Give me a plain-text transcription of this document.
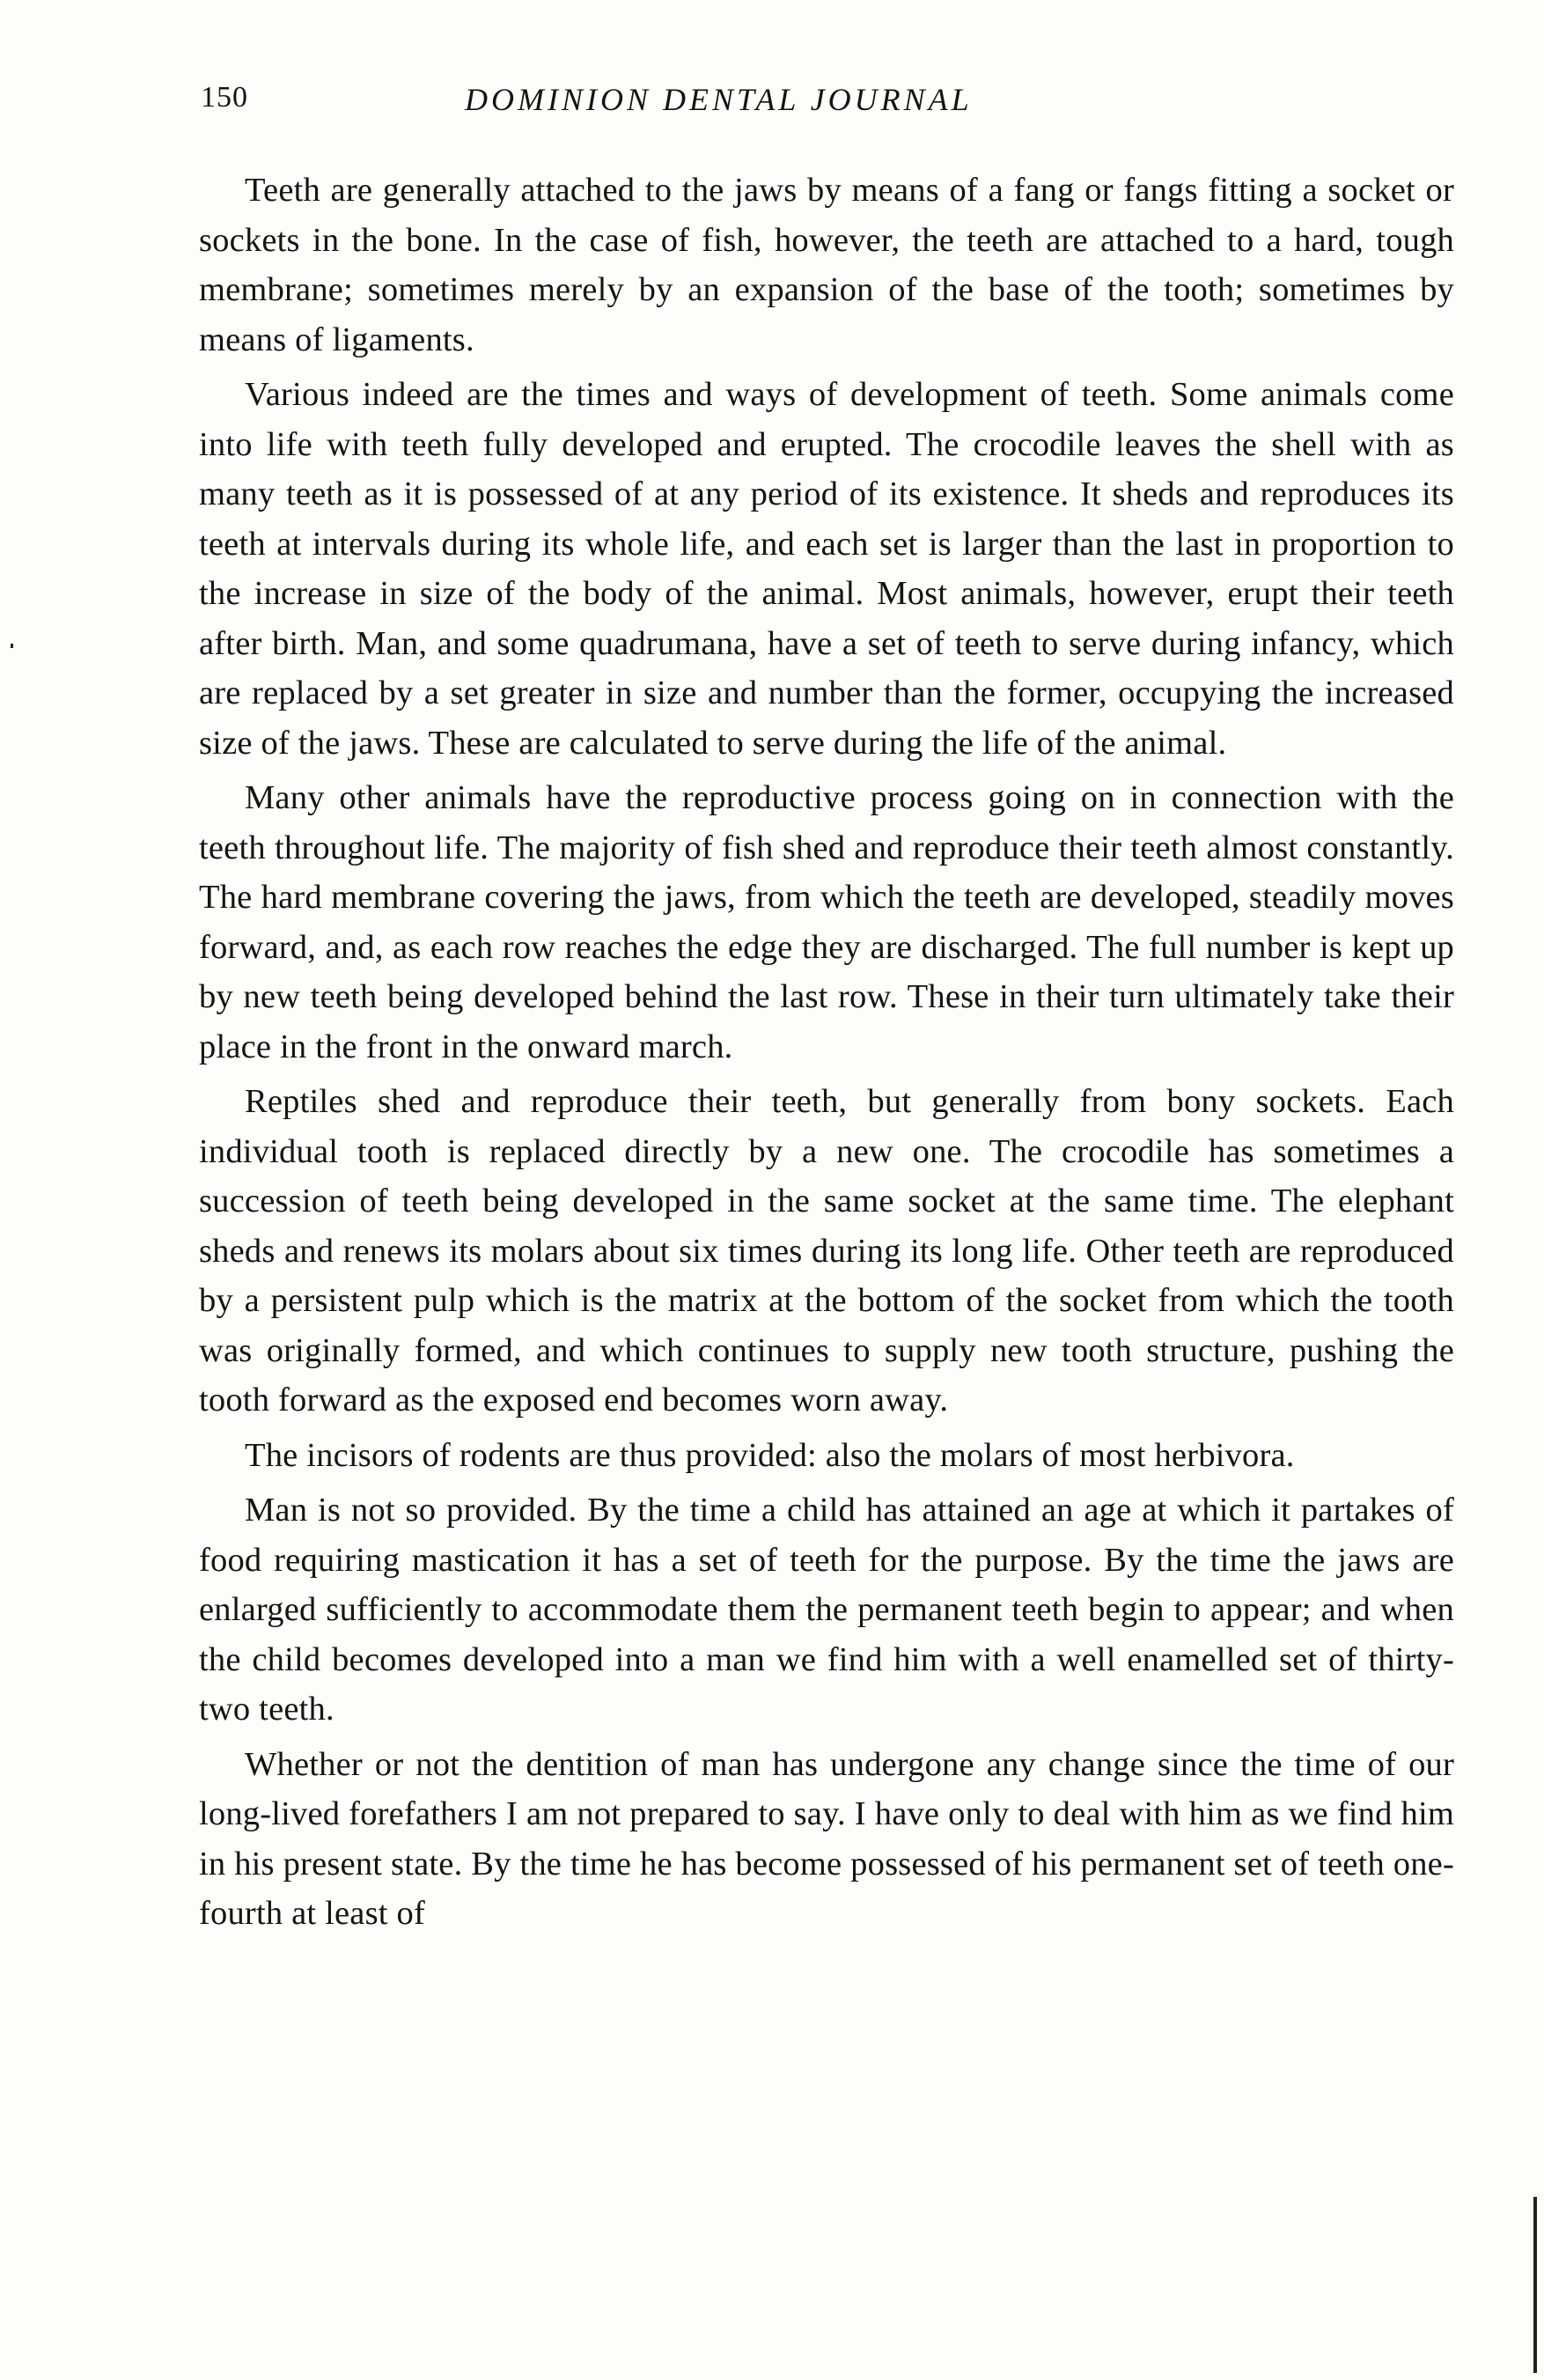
150	DOMINION DENTAL JOURNAL

Teeth are generally attached to the jaws by means of a fang or fangs fitting a socket or sockets in the bone. In the case of fish, however, the teeth are attached to a hard, tough membrane; sometimes merely by an expansion of the base of the tooth; sometimes by means of ligaments.

Various indeed are the times and ways of development of teeth. Some animals come into life with teeth fully developed and erupted. The crocodile leaves the shell with as many teeth as it is possessed of at any period of its existence. It sheds and reproduces its teeth at intervals during its whole life, and each set is larger than the last in proportion to the increase in size of the body of the animal. Most animals, however, erupt their teeth after birth. Man, and some quadrumana, have a set of teeth to serve during infancy, which are replaced by a set greater in size and number than the former, occupying the increased size of the jaws. These are calculated to serve during the life of the animal.

Many other animals have the reproductive process going on in connection with the teeth throughout life. The majority of fish shed and reproduce their teeth almost constantly. The hard membrane covering the jaws, from which the teeth are developed, steadily moves forward, and, as each row reaches the edge they are discharged. The full number is kept up by new teeth being developed behind the last row. These in their turn ultimately take their place in the front in the onward march.

Reptiles shed and reproduce their teeth, but generally from bony sockets. Each individual tooth is replaced directly by a new one. The crocodile has sometimes a succession of teeth being developed in the same socket at the same time. The elephant sheds and renews its molars about six times during its long life. Other teeth are reproduced by a persistent pulp which is the matrix at the bottom of the socket from which the tooth was originally formed, and which continues to supply new tooth structure, pushing the tooth forward as the exposed end becomes worn away.

The incisors of rodents are thus provided: also the molars of most herbivora.

Man is not so provided. By the time a child has attained an age at which it partakes of food requiring mastication it has a set of teeth for the purpose. By the time the jaws are enlarged sufficiently to accommodate them the permanent teeth begin to appear; and when the child becomes developed into a man we find him with a well enamelled set of thirty-two teeth.

Whether or not the dentition of man has undergone any change since the time of our long-lived forefathers I am not prepared to say. I have only to deal with him as we find him in his present state. By the time he has become possessed of his permanent set of teeth one-fourth at least of
